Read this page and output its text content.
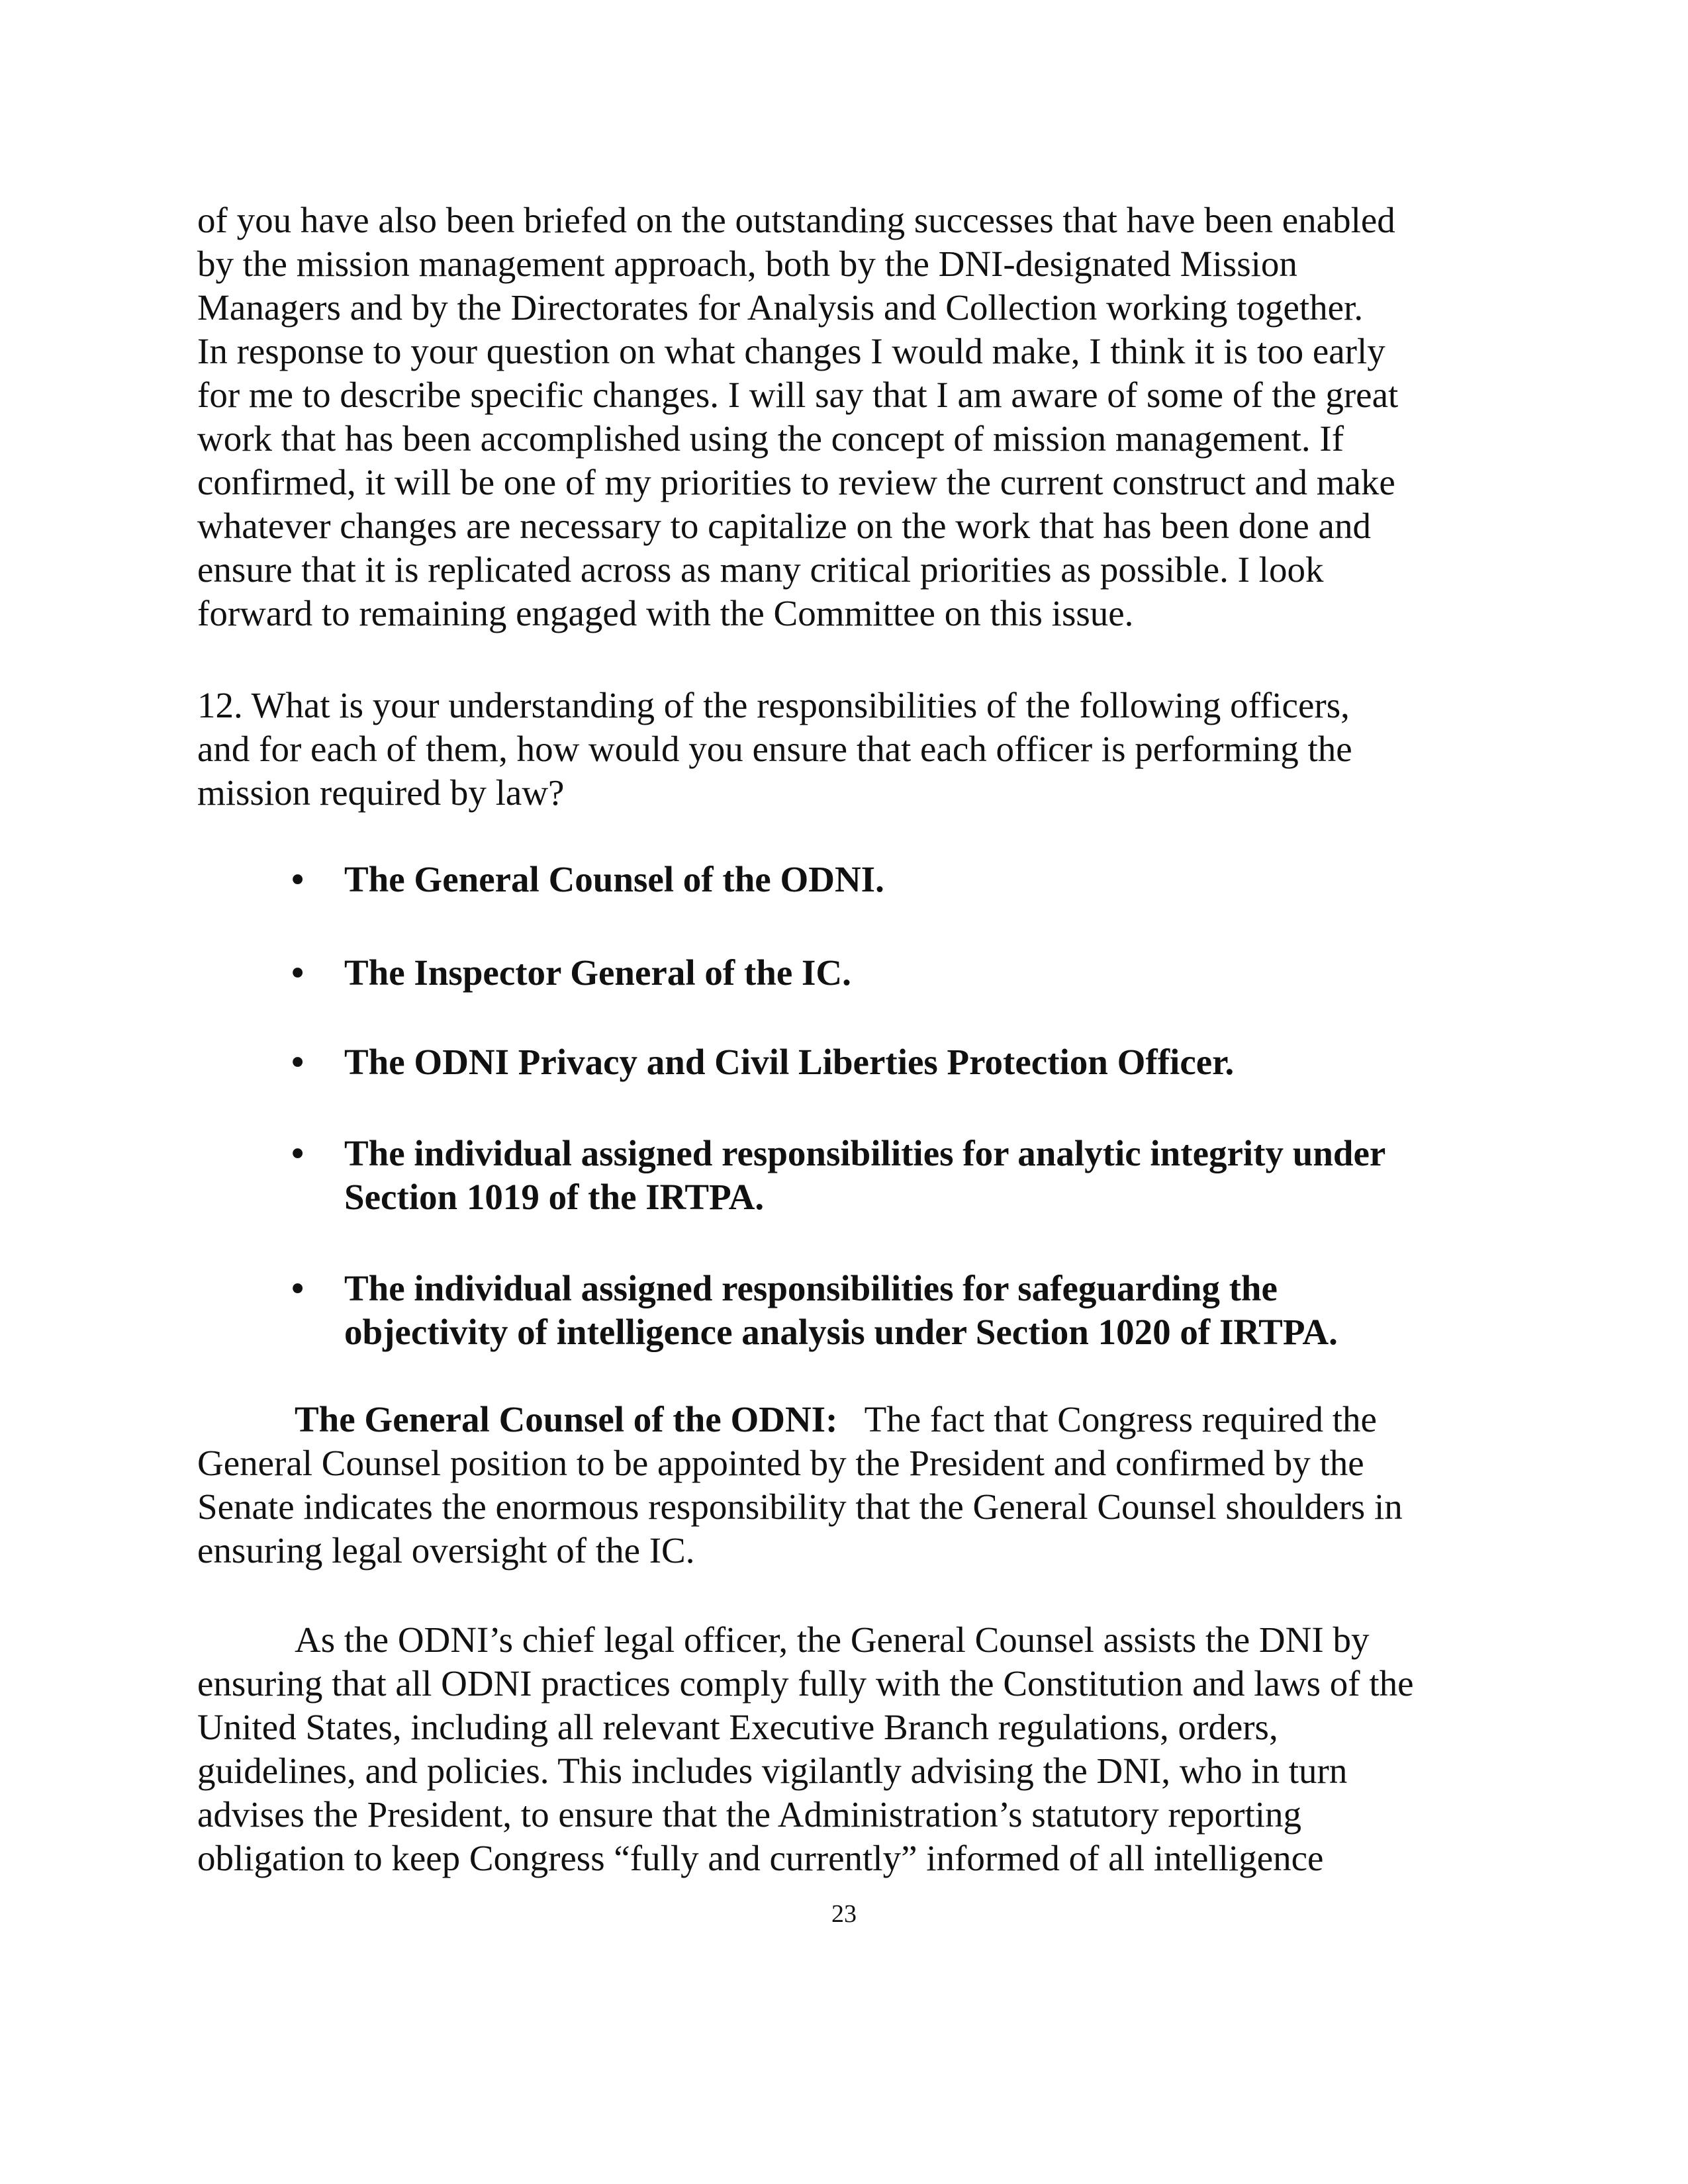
of you have also been briefed on the outstanding successes that have been enabled
by the mission management approach, both by the DNI-designated Mission
Managers and by the Directorates for Analysis and Collection working together.
In response to your question on what changes I would make, I think it is too early
for me to describe specific changes. I will say that I am aware of some of the great
work that has been accomplished using the concept of mission management. If
confirmed, it will be one of my priorities to review the current construct and make
whatever changes are necessary to capitalize on the work that has been done and
ensure that it is replicated across as many critical priorities as possible. I look
forward to remaining engaged with the Committee on this issue.
12. What is your understanding of the responsibilities of the following officers,
and for each of them, how would you ensure that each officer is performing the
mission required by law?
• The General Counsel of the ODNI.
• The Inspector General of the IC.
• The ODNI Privacy and Civil Liberties Protection Officer.
• The individual assigned responsibilities for analytic integrity under
Section 1019 of the IRTPA.
• The individual assigned responsibilities for safeguarding the
objectivity of intelligence analysis under Section 1020 of IRTPA.
The General Counsel of the ODNI:   The fact that Congress required the
General Counsel position to be appointed by the President and confirmed by the
Senate indicates the enormous responsibility that the General Counsel shoulders in
ensuring legal oversight of the IC.
As the ODNI’s chief legal officer, the General Counsel assists the DNI by
ensuring that all ODNI practices comply fully with the Constitution and laws of the
United States, including all relevant Executive Branch regulations, orders,
guidelines, and policies. This includes vigilantly advising the DNI, who in turn
advises the President, to ensure that the Administration’s statutory reporting
obligation to keep Congress “fully and currently” informed of all intelligence
23
